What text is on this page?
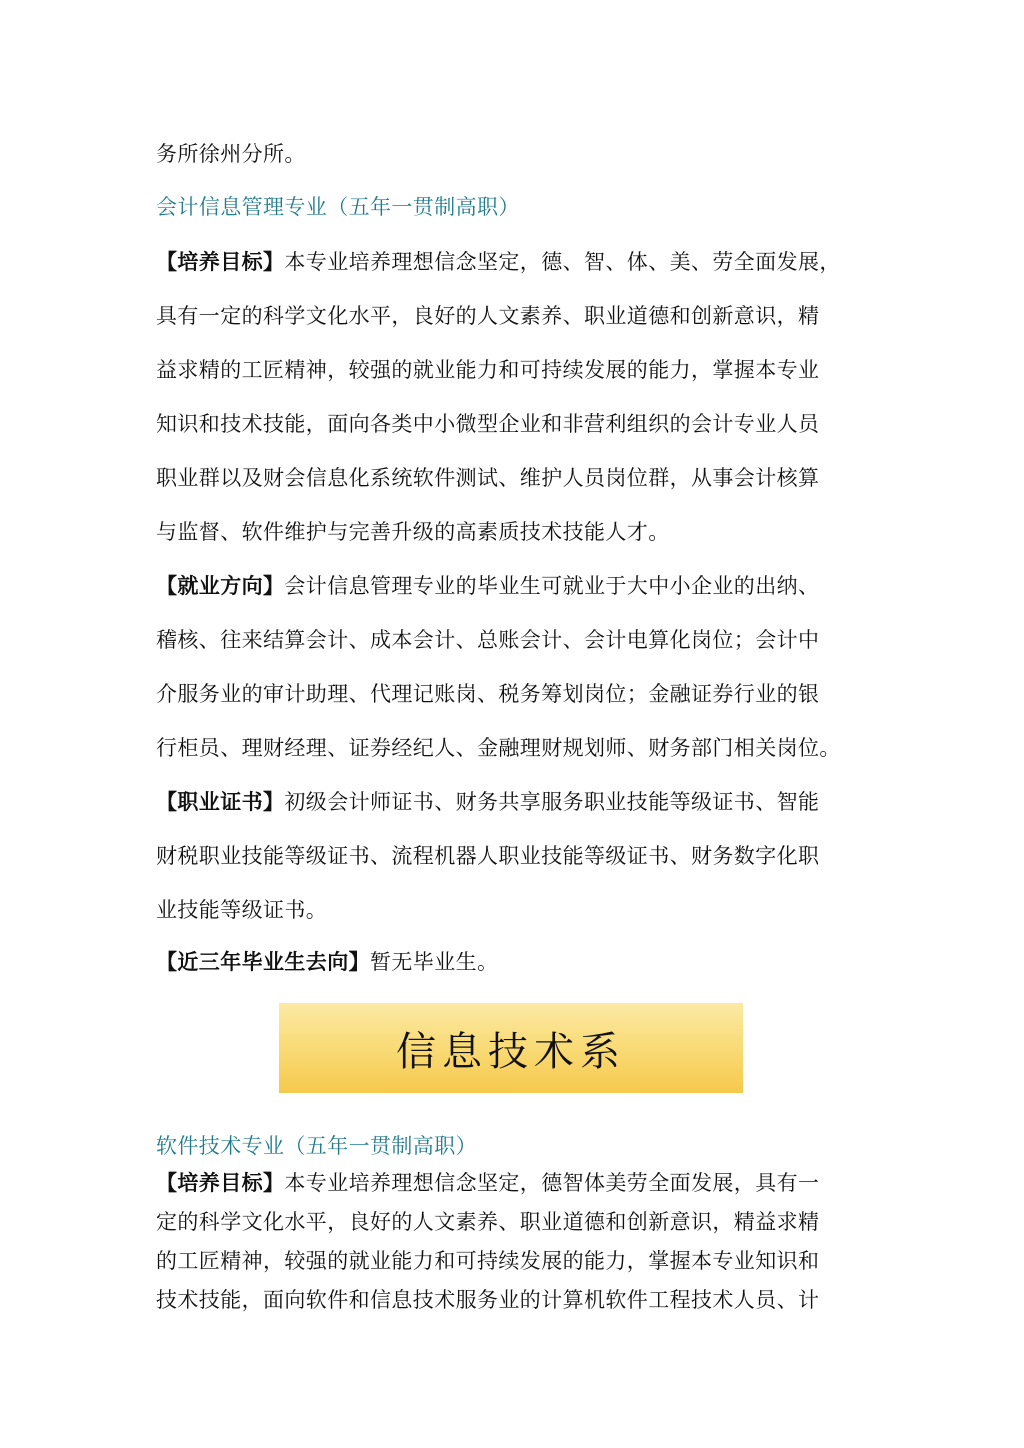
务所徐州分所。
会计信息管理专业（五年一贯制高职）
【培养目标】本专业培养理想信念坚定，德、智、体、美、劳全面发展，
具有一定的科学文化水平，良好的人文素养、职业道德和创新意识，精
益求精的工匠精神，较强的就业能力和可持续发展的能力，掌握本专业
知识和技术技能，面向各类中小微型企业和非营利组织的会计专业人员
职业群以及财会信息化系统软件测试、维护人员岗位群，从事会计核算
与监督、软件维护与完善升级的高素质技术技能人才。
【就业方向】会计信息管理专业的毕业生可就业于大中小企业的出纳、
稽核、往来结算会计、成本会计、总账会计、会计电算化岗位；会计中
介服务业的审计助理、代理记账岗、税务筹划岗位；金融证券行业的银
行柜员、理财经理、证券经纪人、金融理财规划师、财务部门相关岗位。
【职业证书】初级会计师证书、财务共享服务职业技能等级证书、智能
财税职业技能等级证书、流程机器人职业技能等级证书、财务数字化职
业技能等级证书。
【近三年毕业生去向】暂无毕业生。
信息技术系
软件技术专业（五年一贯制高职）
【培养目标】本专业培养理想信念坚定，德智体美劳全面发展，具有一
定的科学文化水平，良好的人文素养、职业道德和创新意识，精益求精
的工匠精神，较强的就业能力和可持续发展的能力，掌握本专业知识和
技术技能，面向软件和信息技术服务业的计算机软件工程技术人员、计
